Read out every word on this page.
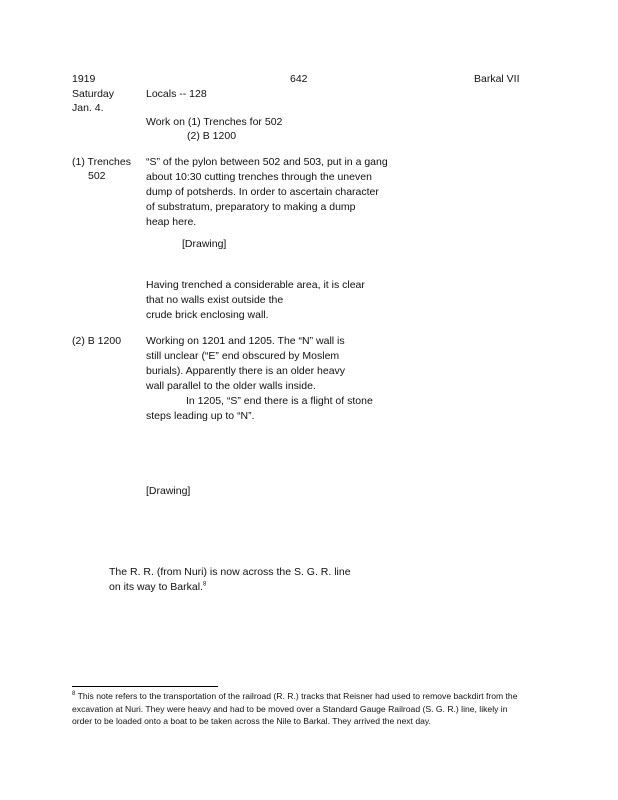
1919	642	Barkal VII
Saturday
Jan. 4.
Locals -- 128
Work on (1) Trenches for 502
(2) B 1200
(1) Trenches
502
“S” of the pylon between 502 and 503, put in a gang
about 10:30 cutting trenches through the uneven
dump of potsherds. In order to ascertain character
of substratum, preparatory to making a dump
heap here.
[Drawing]
Having trenched a considerable area, it is clear
that no walls exist outside the
crude brick enclosing wall.
(2) B 1200 Working on 1201 and 1205. The “N” wall is
still unclear (“E” end obscured by Moslem
burials). Apparently there is an older heavy
wall parallel to the older walls inside.
In 1205, “S” end there is a flight of stone
steps leading up to “N”.
[Drawing]
The R. R. (from Nuri) is now across the S. G. R. line
on its way to Barkal.$^8$
$^8$ This note refers to the transportation of the railroad (R. R.) tracks that Reisner had used to remove backdirt from the
excavation at Nuri. They were heavy and had to be moved over a Standard Gauge Railroad (S. G. R.) line, likely in
order to be loaded onto a boat to be taken across the Nile to Barkal. They arrived the next day.
